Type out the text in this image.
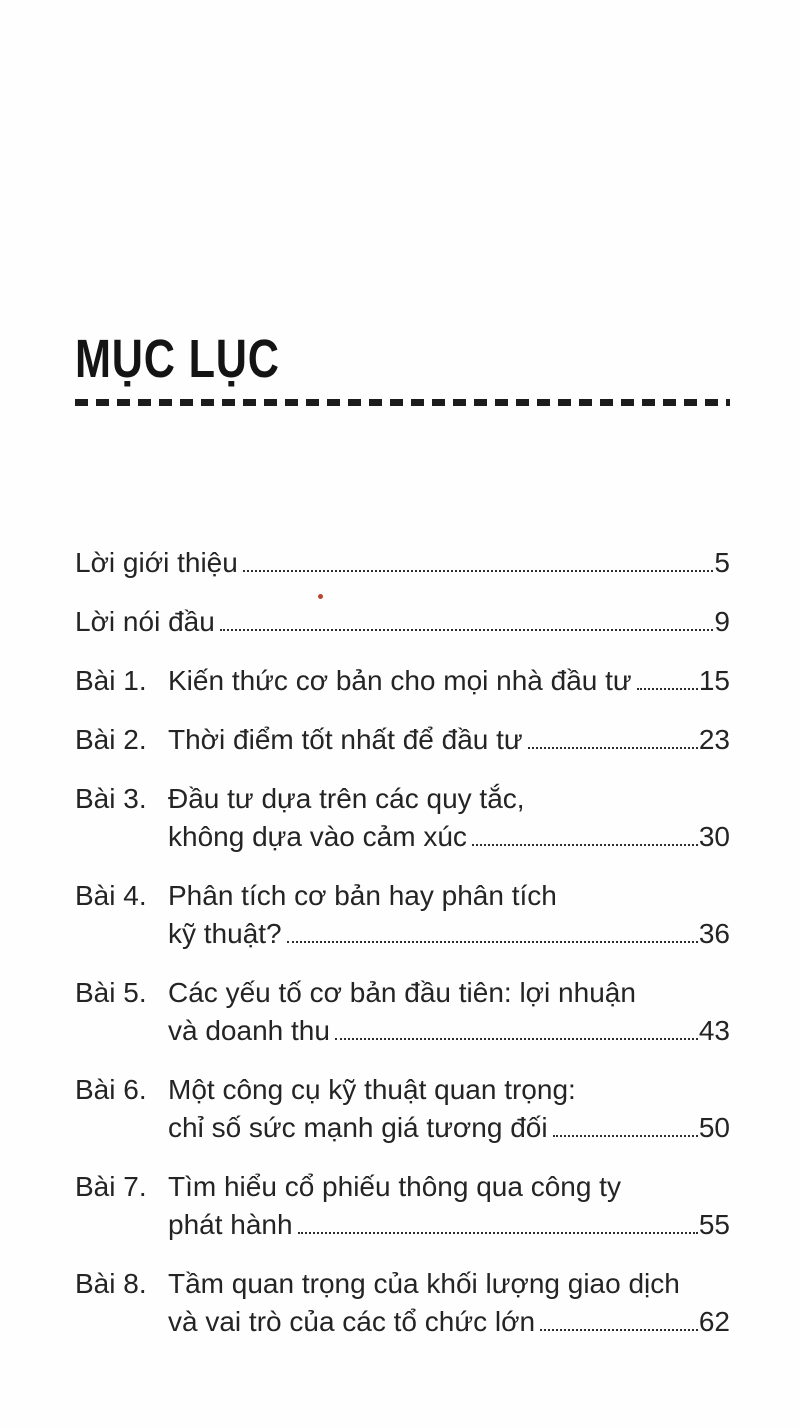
MỤC LỤC
Lời giới thiệu	5
Lời nói đầu	9
Bài 1. Kiến thức cơ bản cho mọi nhà đầu tư 15
Bài 2. Thời điểm tốt nhất để đầu tư	23
Bài 3. Đầu tư dựa trên các quy tắc,
không dựa vào cảm xúc	30
Bài 4. Phân tích cơ bản hay phân tích
kỹ thuật?	36
Bài 5. Các yếu tố cơ bản đầu tiên: lợi nhuận
và doanh thu	43
Bài 6. Một công cụ kỹ thuật quan trọng:
chỉ số sức mạnh giá tương đối	50
Bài 7. Tìm hiểu cổ phiếu thông qua công ty
phát hành	55
Bài 8. Tầm quan trọng của khối lượng giao dịch
và vai trò của các tổ chức lớn	62
